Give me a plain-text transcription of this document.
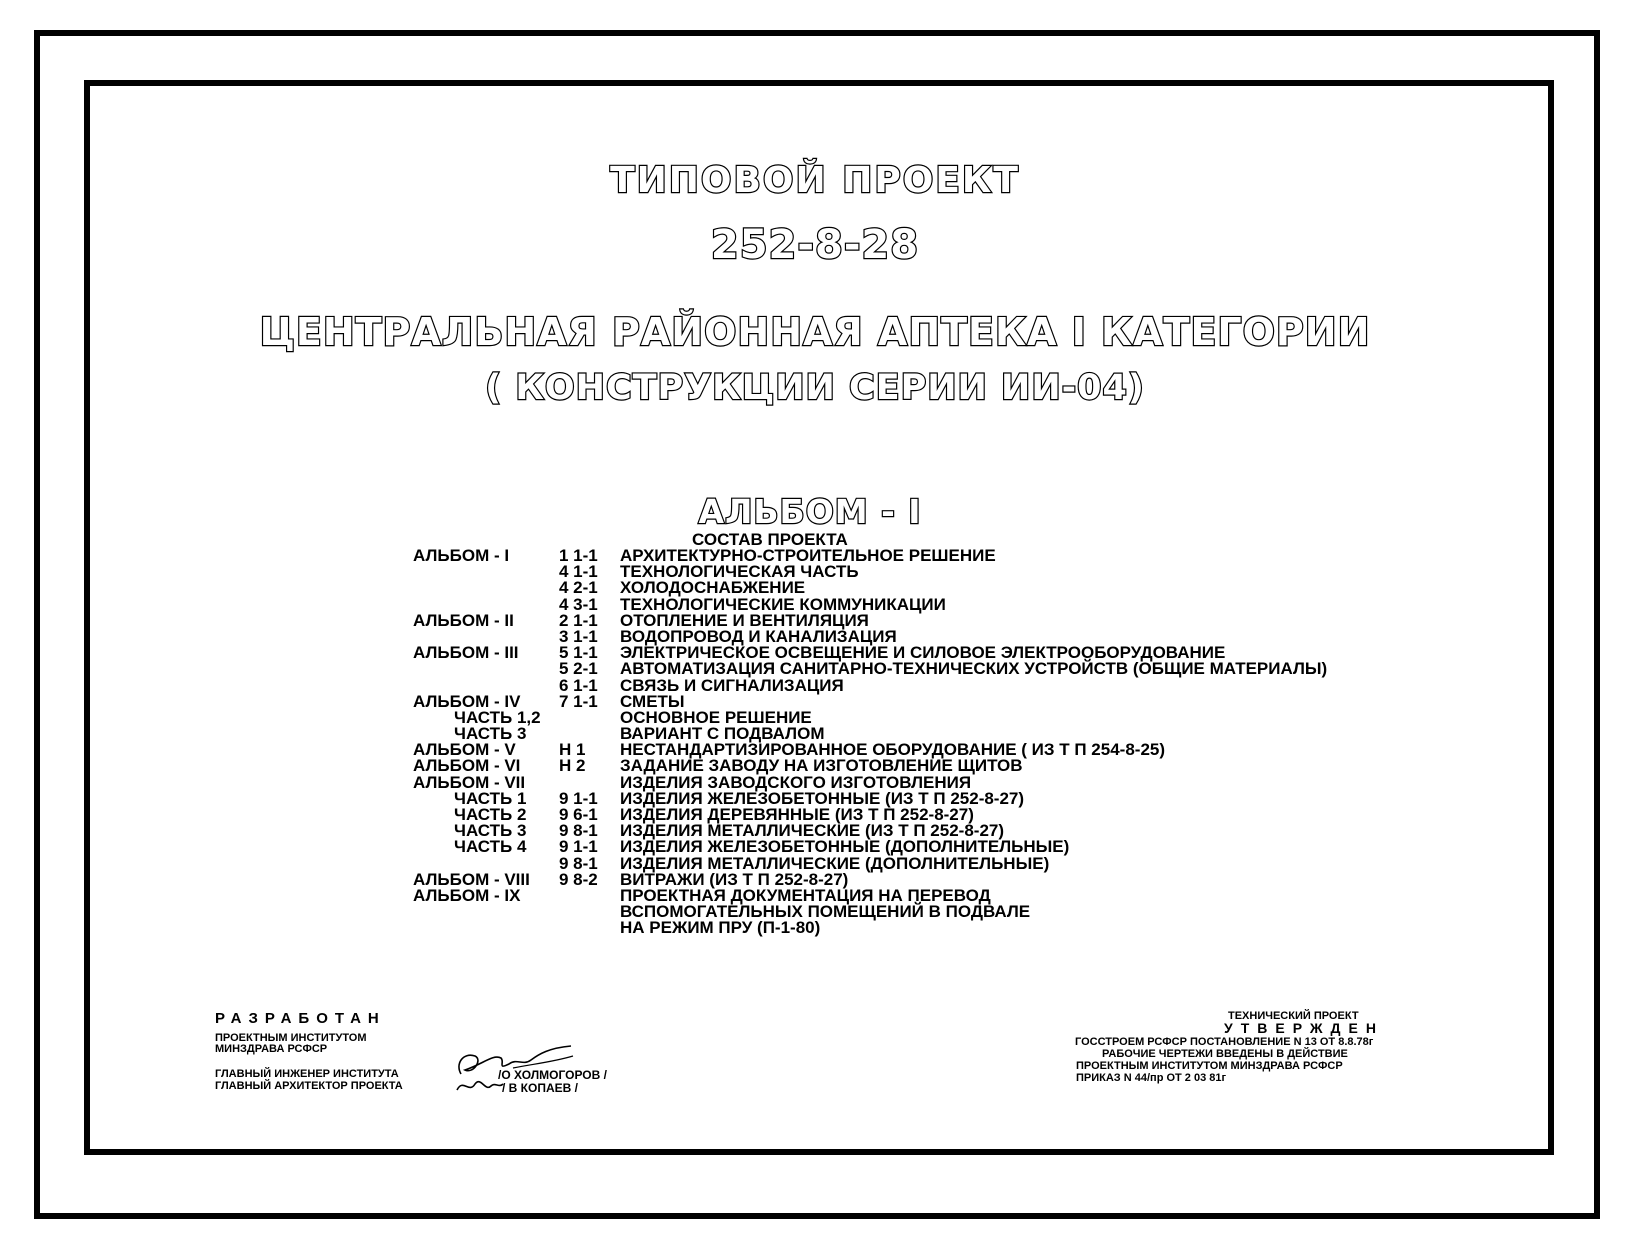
ТИПОВОЙ ПРОЕКТ
252-8-28
ЦЕНТРАЛЬНАЯ РАЙОННАЯ АПТЕКА I КАТЕГОРИИ
( КОНСТРУКЦИИ СЕРИИ ИИ-04)
АЛЬБОМ - I
СОСТАВ ПРОЕКТА
АЛЬБОМ - I	1 1-1 АРХИТЕКТУРНО-СТРОИТЕЛЬНОЕ РЕШЕНИЕ
4 1-1 ТЕХНОЛОГИЧЕСКАЯ ЧАСТЬ
4 2-1 ХОЛОДОСНАБЖЕНИЕ
4 3-1 ТЕХНОЛОГИЧЕСКИЕ КОММУНИКАЦИИ
АЛЬБОМ - II	2 1-1 ОТОПЛЕНИЕ И ВЕНТИЛЯЦИЯ
3 1-1 ВОДОПРОВОД И КАНАЛИЗАЦИЯ
АЛЬБОМ - III 5 1-1 ЭЛЕКТРИЧЕСКОЕ ОСВЕЩЕНИЕ И СИЛОВОЕ ЭЛЕКТРООБОРУДОВАНИЕ
5 2-1 АВТОМАТИЗАЦИЯ САНИТАРНО-ТЕХНИЧЕСКИХ УСТРОЙСТВ (ОБЩИЕ МАТЕРИАЛЫ)
6 1-1 СВЯЗЬ И СИГНАЛИЗАЦИЯ
АЛЬБОМ - IV 7 1-1 СМЕТЫ
ЧАСТЬ 1,2	ОСНОВНОЕ РЕШЕНИЕ
ЧАСТЬ 3	ВАРИАНТ С ПОДВАЛОМ
АЛЬБОМ - V	Н 1 НЕСТАНДАРТИЗИРОВАННОЕ ОБОРУДОВАНИЕ ( ИЗ Т П 254-8-25)
АЛЬБОМ - VI Н 2 ЗАДАНИЕ ЗАВОДУ НА ИЗГОТОВЛЕНИЕ ЩИТОВ
АЛЬБОМ - VII	ИЗДЕЛИЯ ЗАВОДСКОГО ИЗГОТОВЛЕНИЯ
ЧАСТЬ 1 9 1-1 ИЗДЕЛИЯ ЖЕЛЕЗОБЕТОННЫЕ (ИЗ Т П 252-8-27)
ЧАСТЬ 2 9 6-1 ИЗДЕЛИЯ ДЕРЕВЯННЫЕ (ИЗ Т П 252-8-27)
ЧАСТЬ 3 9 8-1 ИЗДЕЛИЯ МЕТАЛЛИЧЕСКИЕ (ИЗ Т П 252-8-27)
ЧАСТЬ 4 9 1-1 ИЗДЕЛИЯ ЖЕЛЕЗОБЕТОННЫЕ (ДОПОЛНИТЕЛЬНЫЕ)
9 8-1 ИЗДЕЛИЯ МЕТАЛЛИЧЕСКИЕ (ДОПОЛНИТЕЛЬНЫЕ)
АЛЬБОМ - VIII 9 8-2 ВИТРАЖИ (ИЗ Т П 252-8-27)
АЛЬБОМ - IX	ПРОЕКТНАЯ ДОКУМЕНТАЦИЯ НА ПЕРЕВОД
ВСПОМОГАТЕЛЬНЫХ ПОМЕЩЕНИЙ В ПОДВАЛЕ
НА РЕЖИМ ПРУ (П-1-80)
РАЗРАБОТАН
ПРОЕКТНЫМ ИНСТИТУТОМ
МИНЗДРАВА РСФСР
ГЛАВНЫЙ ИНЖЕНЕР ИНСТИТУТА
ГЛАВНЫЙ АРХИТЕКТОР ПРОЕКТА
/О ХОЛМОГОРОВ /
/ В КОПАЕВ /
ТЕХНИЧЕСКИЙ ПРОЕКТ
УТВЕРЖДЕН
ГОССТРОЕМ РСФСР ПОСТАНОВЛЕНИЕ N 13 ОТ 8.8.78г
РАБОЧИЕ ЧЕРТЕЖИ ВВЕДЕНЫ В ДЕЙСТВИЕ
ПРОЕКТНЫМ ИНСТИТУТОМ МИНЗДРАВА РСФСР
ПРИКАЗ N 44/пр ОТ 2 03 81г
